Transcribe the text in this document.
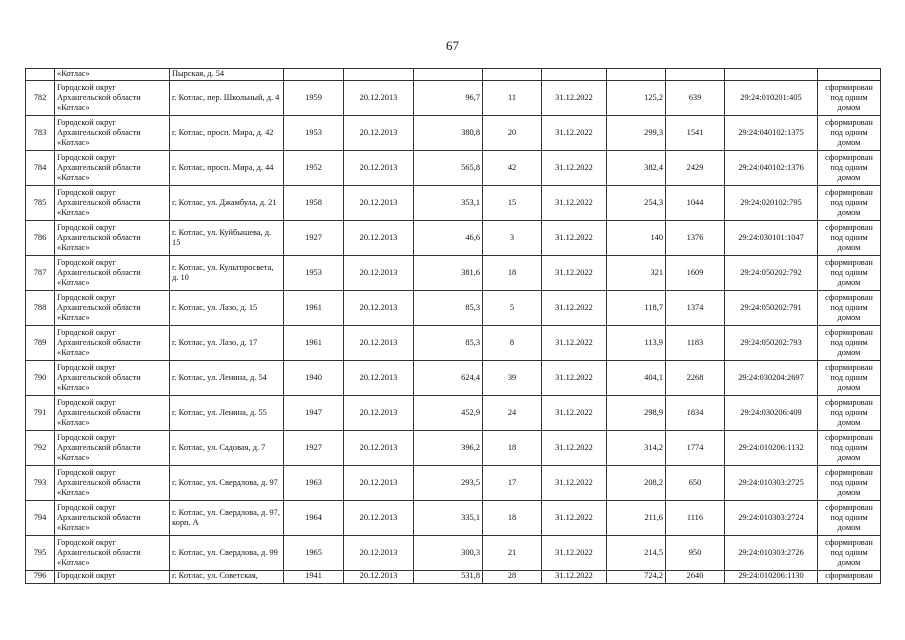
67
	«Котлас»	Пырская, д. 54									
782	Городской округ Архангельской области «Котлас»	г. Котлас, пер. Школьный, д. 4	1959	20.12.2013	96,7	11	31.12.2022	125,2	639	29:24:010201:405	сформирован под одним домом
783	Городской округ Архангельской области «Котлас»	г. Котлас, просп. Мира, д. 42	1953	20.12.2013	380,8	20	31.12.2022	299,3	1541	29:24:040102:1375	сформирован под одним домом
784	Городской округ Архангельской области «Котлас»	г. Котлас, просп. Мира, д. 44	1952	20.12.2013	565,8	42	31.12.2022	382,4	2429	29:24:040102:1376	сформирован под одним домом
785	Городской округ Архангельской области «Котлас»	г. Котлас, ул. Джамбула, д. 21	1958	20.12.2013	353,1	15	31.12.2022	254,3	1044	29:24:020102:795	сформирован под одним домом
786	Городской округ Архангельской области «Котлас»	г. Котлас, ул. Куйбышева, д. 15	1927	20.12.2013	46,6	3	31.12.2022	140	1376	29:24:030101:1047	сформирован под одним домом
787	Городской округ Архангельской области «Котлас»	г. Котлас, ул. Культпросвета, д. 10	1953	20.12.2013	381,6	18	31.12.2022	321	1609	29:24:050202:792	сформирован под одним домом
788	Городской округ Архангельской области «Котлас»	г. Котлас, ул. Лазо, д. 15	1961	20.12.2013	85,3	5	31.12.2022	118,7	1374	29:24:050202:791	сформирован под одним домом
789	Городской округ Архангельской области «Котлас»	г. Котлас, ул. Лазо, д. 17	1961	20.12.2013	85,3	8	31.12.2022	113,9	1183	29:24:050202:793	сформирован под одним домом
790	Городской округ Архангельской области «Котлас»	г. Котлас, ул. Ленина, д. 54	1940	20.12.2013	624,4	39	31.12.2022	404,1	2268	29:24:030204:2697	сформирован под одним домом
791	Городской округ Архангельской области «Котлас»	г. Котлас, ул. Ленина, д. 55	1947	20.12.2013	452,9	24	31.12.2022	298,9	1834	29:24:030206:409	сформирован под одним домом
792	Городской округ Архангельской области «Котлас»	г. Котлас, ул. Садовая, д. 7	1927	20.12.2013	396,2	18	31.12.2022	314,2	1774	29:24:010206:1132	сформирован под одним домом
793	Городской округ Архангельской области «Котлас»	г. Котлас, ул. Свердлова, д. 97	1963	20.12.2013	293,5	17	31.12.2022	208,2	650	29:24:010303:2725	сформирован под одним домом
794	Городской округ Архангельской области «Котлас»	г. Котлас, ул. Свердлова, д. 97, корп. А	1964	20.12.2013	335,1	18	31.12.2022	211,6	1116	29:24:010303:2724	сформирован под одним домом
795	Городской округ Архангельской области «Котлас»	г. Котлас, ул. Свердлова, д. 99	1965	20.12.2013	300,3	21	31.12.2022	214,5	950	29:24:010303:2726	сформирован под одним домом
796	Городской округ	г. Котлас, ул. Советская,	1941	20.12.2013	531,8	28	31.12.2022	724,2	2640	29:24:010206:1130	сформирован
